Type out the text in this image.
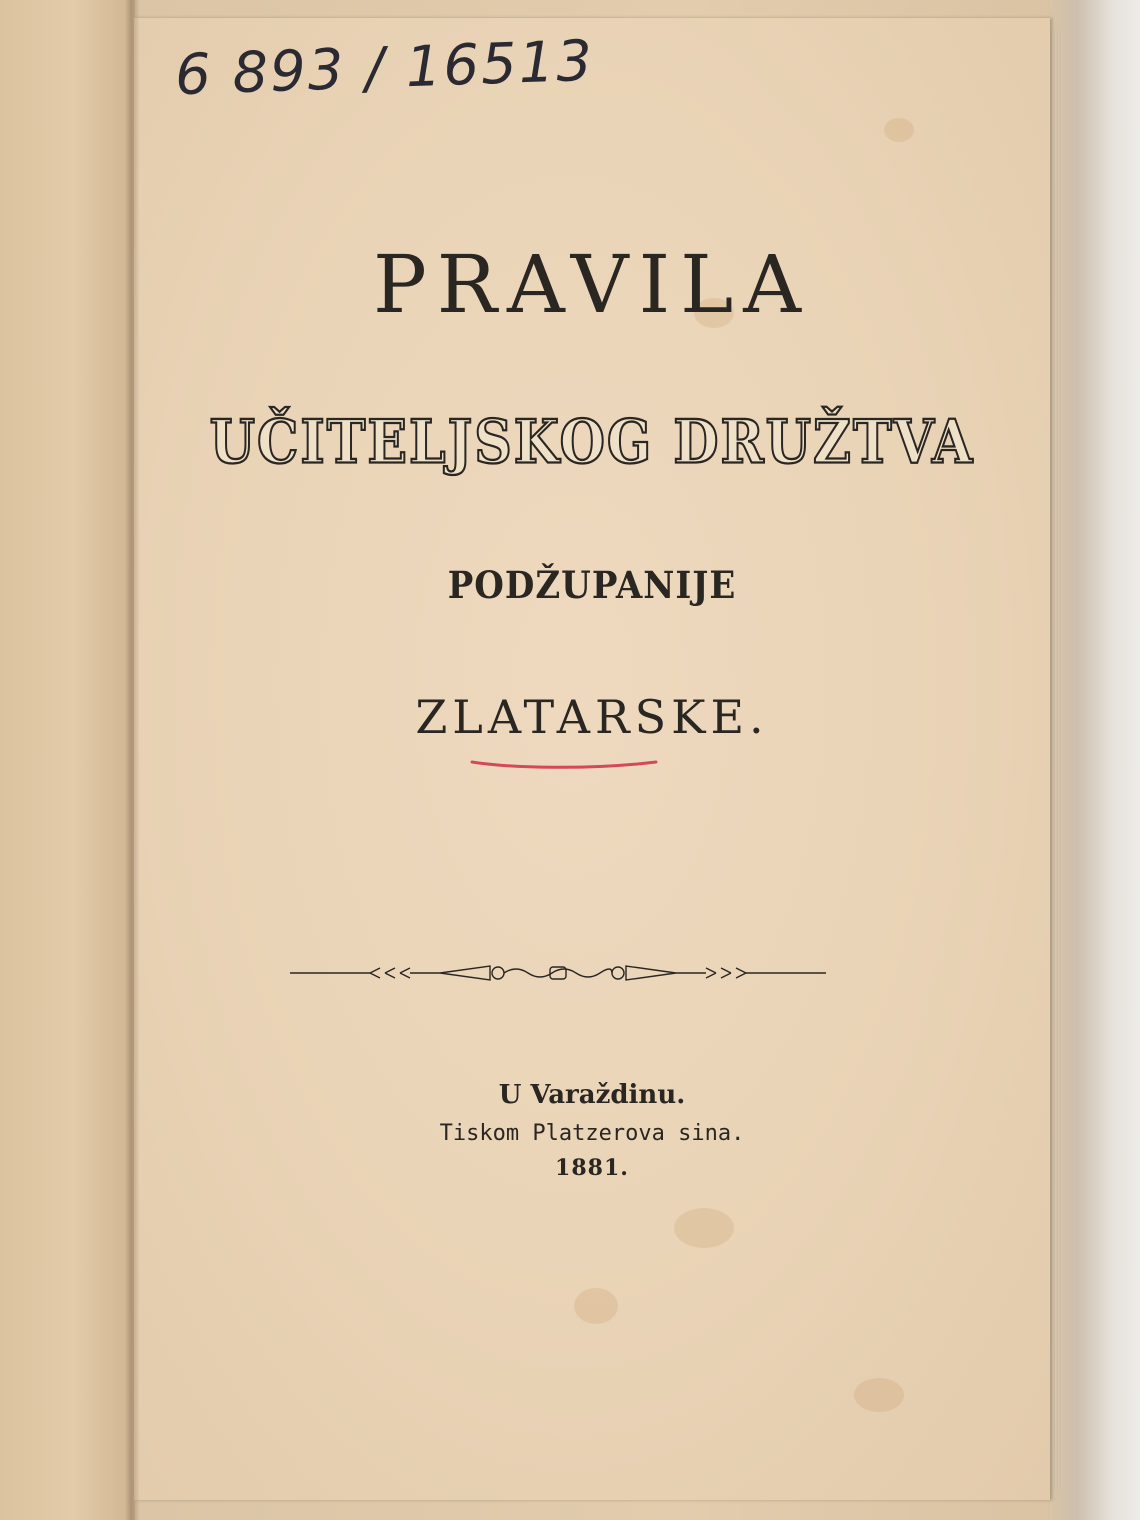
6 893 / 16513
PRAVILA
UČITELJSKOG DRUŽTVA
PODŽUPANIJE
ZLATARSKE.
U Varaždinu.
Tiskom Platzerova sina.
1881.
